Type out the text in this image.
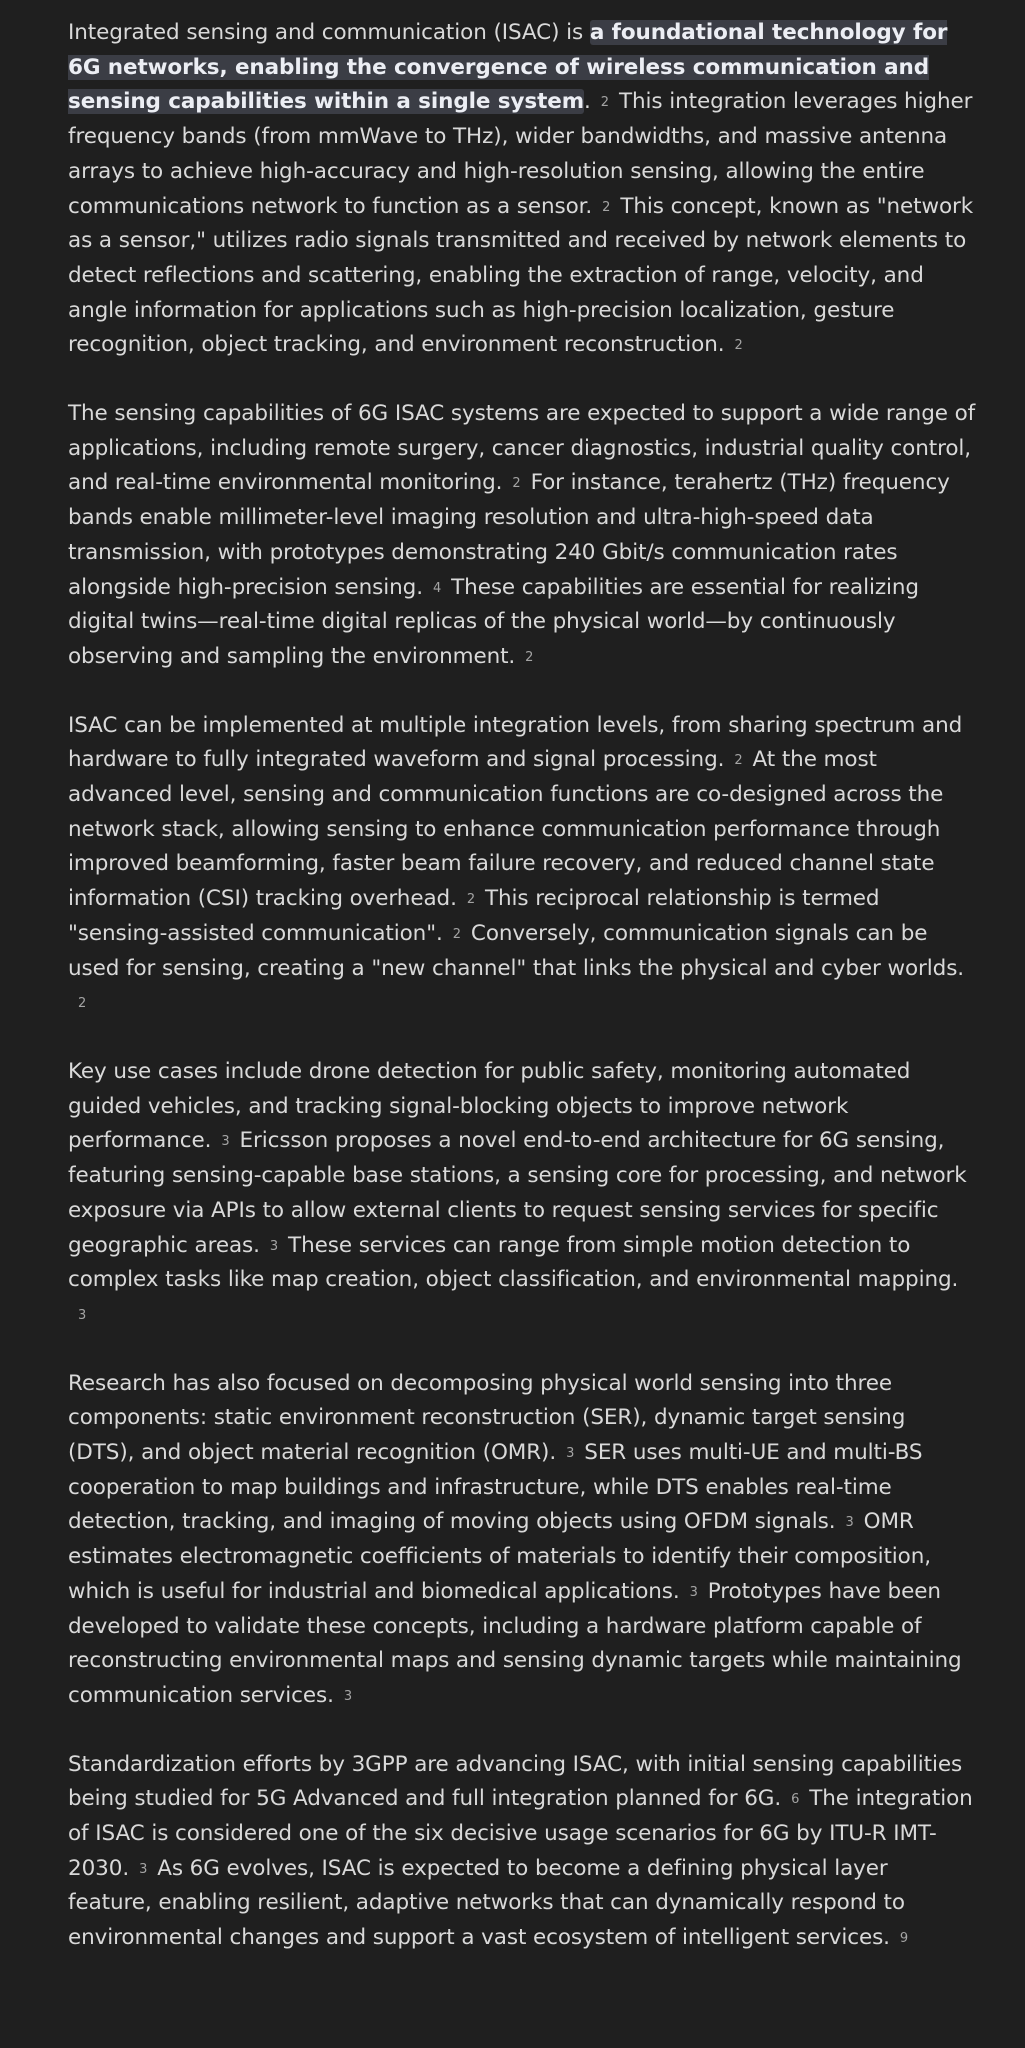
Integrated sensing and communication (ISAC) is a foundational technology for 6G networks, enabling the convergence of wireless communication and sensing capabilities within a single system. 2 This integration leverages higher frequency bands (from mmWave to THz), wider bandwidths, and massive antenna arrays to achieve high-accuracy and high-resolution sensing, allowing the entire communications network to function as a sensor. 2 This concept, known as "network as a sensor," utilizes radio signals transmitted and received by network elements to detect reflections and scattering, enabling the extraction of range, velocity, and angle information for applications such as high-precision localization, gesture recognition, object tracking, and environment reconstruction. 2

The sensing capabilities of 6G ISAC systems are expected to support a wide range of applications, including remote surgery, cancer diagnostics, industrial quality control, and real-time environmental monitoring. 2 For instance, terahertz (THz) frequency bands enable millimeter-level imaging resolution and ultra-high-speed data transmission, with prototypes demonstrating 240 Gbit/s communication rates alongside high-precision sensing. 4 These capabilities are essential for realizing digital twins—real-time digital replicas of the physical world—by continuously observing and sampling the environment. 2

ISAC can be implemented at multiple integration levels, from sharing spectrum and hardware to fully integrated waveform and signal processing. 2 At the most advanced level, sensing and communication functions are co-designed across the network stack, allowing sensing to enhance communication performance through improved beamforming, faster beam failure recovery, and reduced channel state information (CSI) tracking overhead. 2 This reciprocal relationship is termed "sensing-assisted communication". 2 Conversely, communication signals can be used for sensing, creating a "new channel" that links the physical and cyber worlds.2

Key use cases include drone detection for public safety, monitoring automated guided vehicles, and tracking signal-blocking objects to improve network performance. 3 Ericsson proposes a novel end-to-end architecture for 6G sensing, featuring sensing-capable base stations, a sensing core for processing, and network exposure via APIs to allow external clients to request sensing services for specific geographic areas. 3 These services can range from simple motion detection to complex tasks like map creation, object classification, and environmental mapping.3

Research has also focused on decomposing physical world sensing into three components: static environment reconstruction (SER), dynamic target sensing (DTS), and object material recognition (OMR). 3 SER uses multi-UE and multi-BS cooperation to map buildings and infrastructure, while DTS enables real-time detection, tracking, and imaging of moving objects using OFDM signals. 3 OMR estimates electromagnetic coefficients of materials to identify their composition, which is useful for industrial and biomedical applications. 3 Prototypes have been developed to validate these concepts, including a hardware platform capable of reconstructing environmental maps and sensing dynamic targets while maintaining communication services. 3

Standardization efforts by 3GPP are advancing ISAC, with initial sensing capabilities being studied for 5G Advanced and full integration planned for 6G. 6 The integration of ISAC is considered one of the six decisive usage scenarios for 6G by ITU-R IMT-2030. 3 As 6G evolves, ISAC is expected to become a defining physical layer feature, enabling resilient, adaptive networks that can dynamically respond to environmental changes and support a vast ecosystem of intelligent services. 9
